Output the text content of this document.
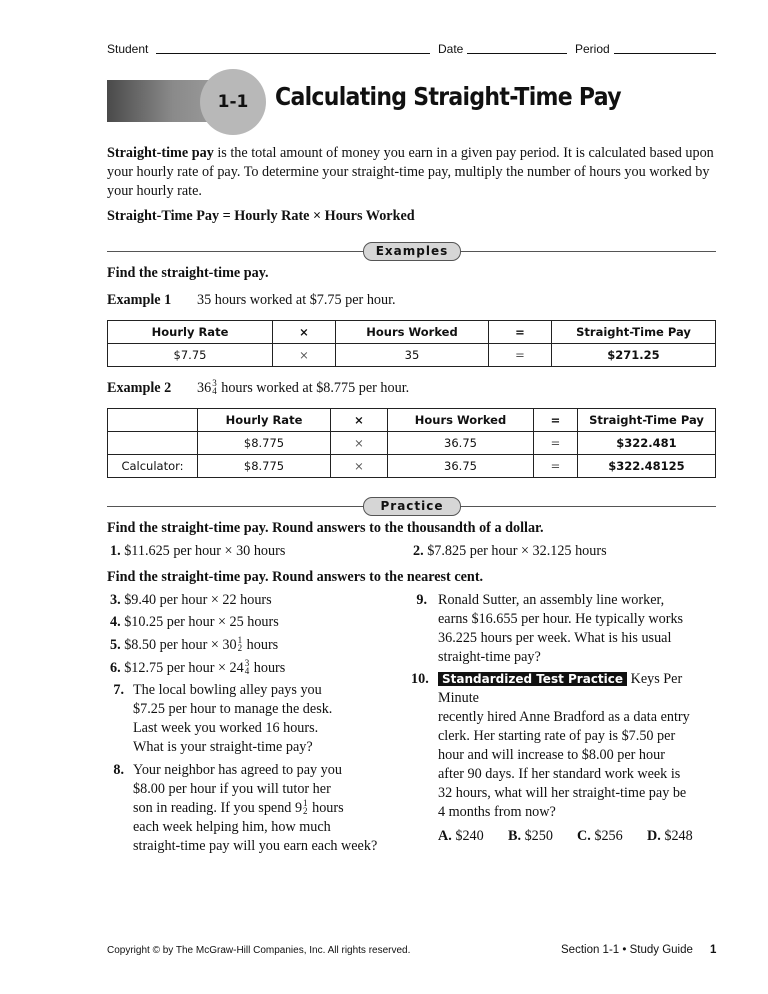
Student	Date	Period
1-1 Calculating Straight-Time Pay
Straight-time pay is the total amount of money you earn in a given pay period. It is calculated based upon your hourly rate of pay. To determine your straight-time pay, multiply the number of hours you worked by your hourly rate.
Straight-Time Pay = Hourly Rate × Hours Worked
Examples
Find the straight-time pay.
Example 1 35 hours worked at $7.75 per hour.
Hourly Rate	×	Hours Worked	=	Straight-Time Pay
$7.75	×	35	=	$271.25
Example 2 36 3
4 hours worked at $8.775 per hour.
	Hourly Rate	×	Hours Worked	=	Straight-Time Pay
	$8.775	×	36.75	=	$322.481
Calculator:	$8.775	×	36.75	=	$322.48125
Practice
Find the straight-time pay. Round answers to the thousandth of a dollar.
1. $11.625 per hour × 30 hours	2. $7.825 per hour × 32.125 hours
Find the straight-time pay. Round answers to the nearest cent.
3. $9.40 per hour × 22 hours
4. $10.25 per hour × 25 hours
5. $8.50 per hour × 30 1
2 hours
6. $12.75 per hour × 24 3
4 hours
7. The local bowling alley pays you
$7.25 per hour to manage the desk.
Last week you worked 16 hours.
What is your straight-time pay?
8. Your neighbor has agreed to pay you
$8.00 per hour if you will tutor her
son in reading. If you spend 9 1
2 hours
each week helping him, how much
straight-time pay will you earn each week?
9. Ronald Sutter, an assembly line worker,
earns $16.655 per hour. He typically works
36.225 hours per week. What is his usual
straight-time pay?
10.	Standardized Test Practice Keys Per Minute
recently hired Anne Bradford as a data entry
clerk. Her starting rate of pay is $7.50 per
hour and will increase to $8.00 per hour
after 90 days. If her standard work week is
32 hours, what will her straight-time pay be
4 months from now?
A. $240	B. $250	C. $256	D. $248
Copyright © by The McGraw-Hill Companies, Inc. All rights reserved.	Section 1-1 • Study Guide 1
